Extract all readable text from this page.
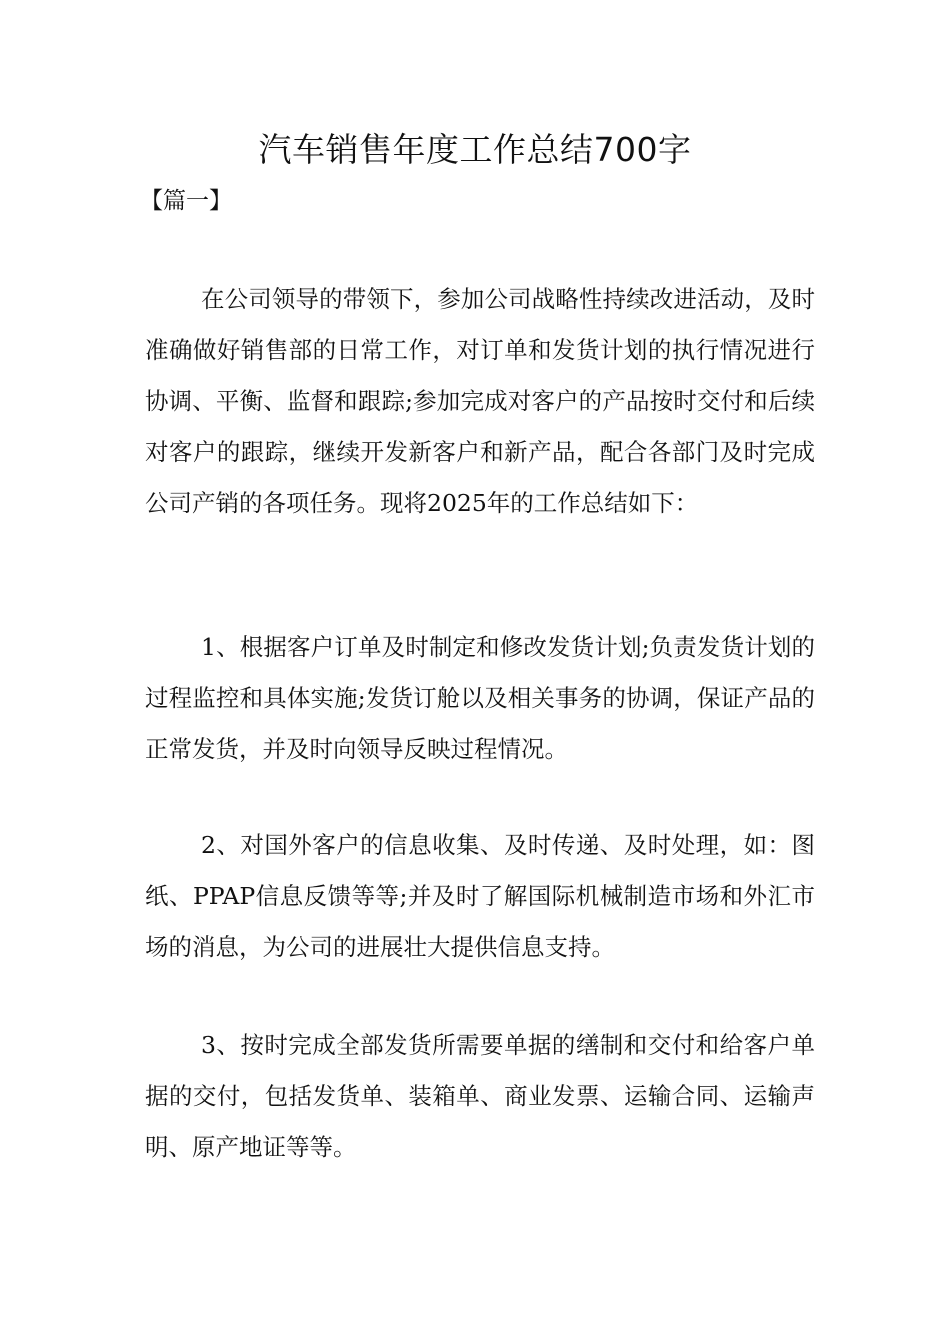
汽车销售年度工作总结700字
【篇一】

在公司领导的带领下，参加公司战略性持续改进活动，及时准确做好销售部的日常工作，对订单和发货计划的执行情况进行协调、平衡、监督和跟踪;参加完成对客户的产品按时交付和后续对客户的跟踪，继续开发新客户和新产品，配合各部门及时完成公司产销的各项任务。现将2025年的工作总结如下：

1、根据客户订单及时制定和修改发货计划;负责发货计划的过程监控和具体实施;发货订舱以及相关事务的协调，保证产品的正常发货，并及时向领导反映过程情况。

2、对国外客户的信息收集、及时传递、及时处理，如：图纸、PPAP信息反馈等等;并及时了解国际机械制造市场和外汇市场的消息，为公司的进展壮大提供信息支持。

3、按时完成全部发货所需要单据的缮制和交付和给客户单据的交付，包括发货单、装箱单、商业发票、运输合同、运输声明、原产地证等等。
